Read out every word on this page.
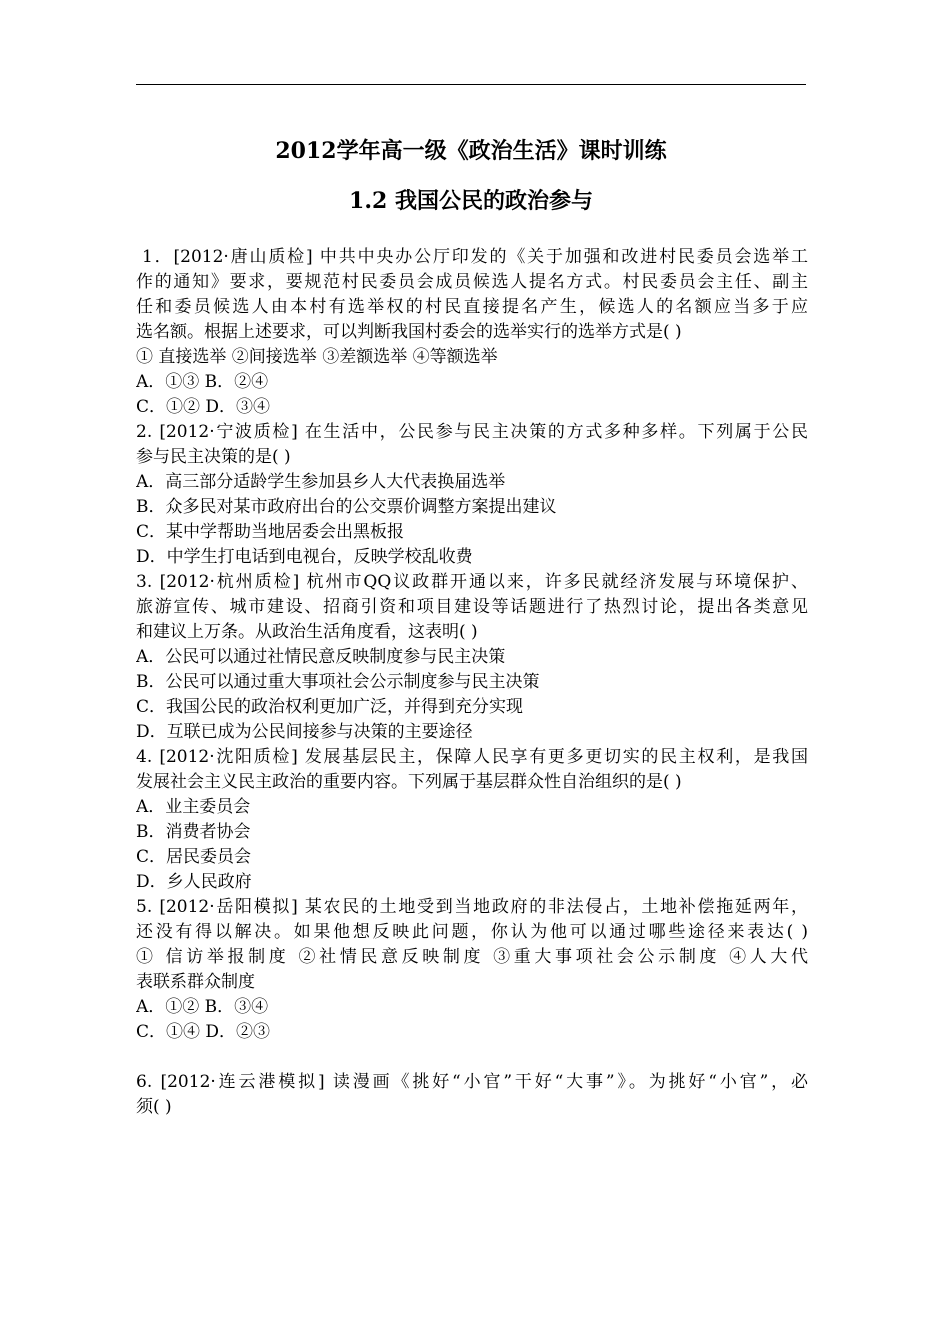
2012学年高一级《政治生活》课时训练
1.2 我国公民的政治参与
1．[2012·唐山质检] 中共中央办公厅印发的《关于加强和改进村民委员会选举工
作的通知》要求，要规范村民委员会成员候选人提名方式。村民委员会主任、副主
任和委员候选人由本村有选举权的村民直接提名产生，候选人的名额应当多于应
选名额。根据上述要求，可以判断我国村委会的选举实行的选举方式是( )
① 直接选举 ②间接选举 ③差额选举 ④等额选举
A．①③ B．②④
C．①② D．③④
2. [2012·宁波质检] 在生活中，公民参与民主决策的方式多种多样。下列属于公民
参与民主决策的是( )
A．高三部分适龄学生参加县乡人大代表换届选举
B．众多民对某市政府出台的公交票价调整方案提出建议
C．某中学帮助当地居委会出黑板报
D．中学生打电话到电视台，反映学校乱收费
3. [2012·杭州质检] 杭州市QQ议政群开通以来，许多民就经济发展与环境保护、
旅游宣传、城市建设、招商引资和项目建设等话题进行了热烈讨论，提出各类意见
和建议上万条。从政治生活角度看，这表明( )
A．公民可以通过社情民意反映制度参与民主决策
B．公民可以通过重大事项社会公示制度参与民主决策
C．我国公民的政治权利更加广泛，并得到充分实现
D．互联已成为公民间接参与决策的主要途径
4. [2012·沈阳质检] 发展基层民主，保障人民享有更多更切实的民主权利，是我国
发展社会主义民主政治的重要内容。下列属于基层群众性自治组织的是( )
A．业主委员会
B．消费者协会
C．居民委员会
D．乡人民政府
5. [2012·岳阳模拟] 某农民的土地受到当地政府的非法侵占，土地补偿拖延两年，
还没有得以解决。如果他想反映此问题，你认为他可以通过哪些途径来表达( )
① 信访举报制度 ②社情民意反映制度 ③重大事项社会公示制度 ④人大代
表联系群众制度
A．①② B．③④
C．①④ D．②③
6. [2012·连云港模拟] 读漫画《挑好“小官”干好“大事”》。为挑好“小官”，必
须( )
